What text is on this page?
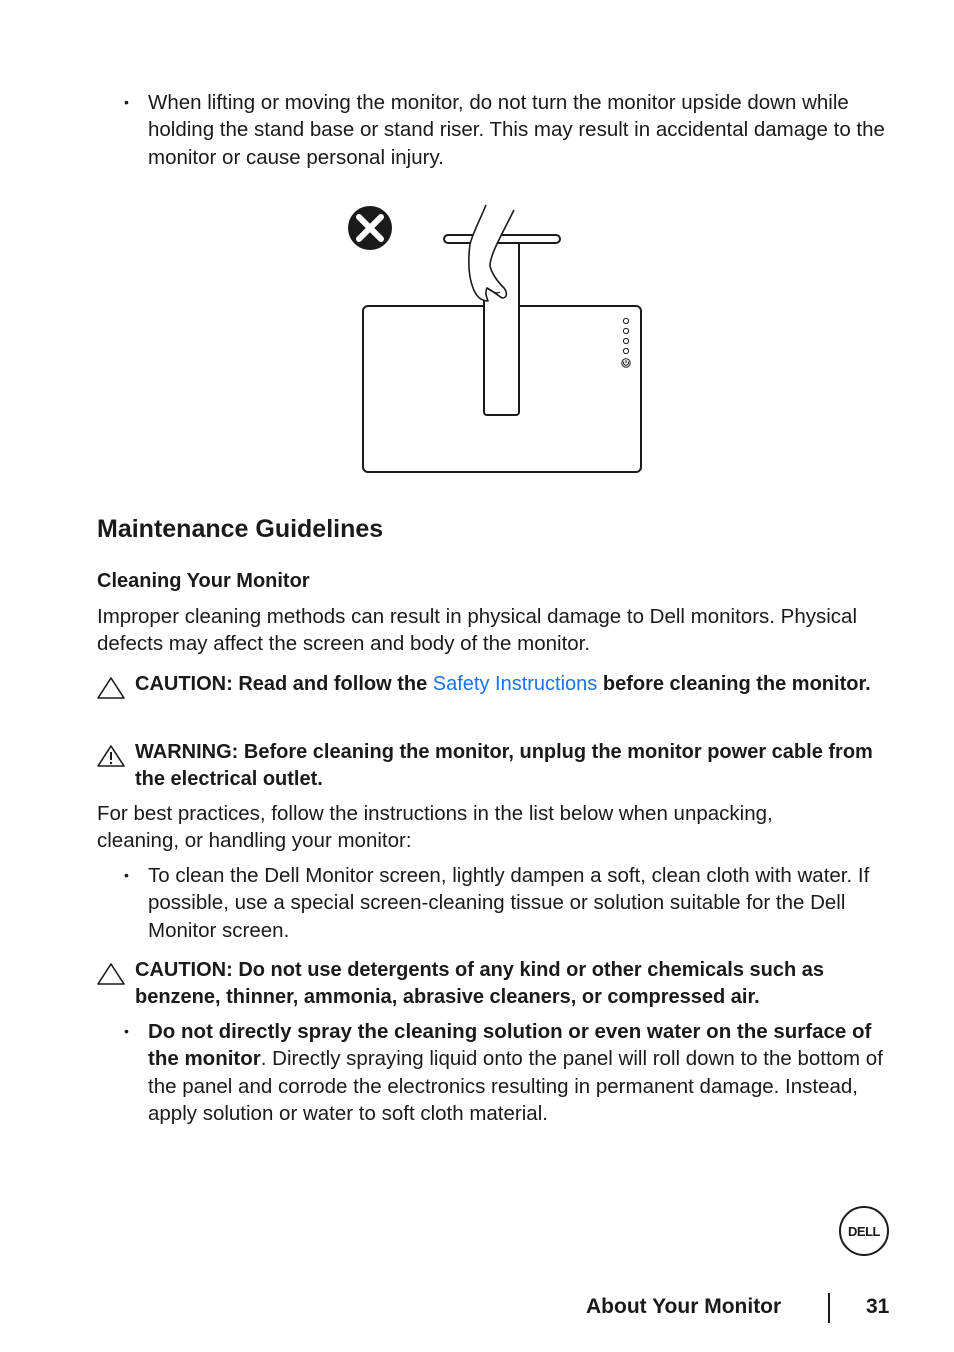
• When lifting or moving the monitor, do not turn the monitor upside down while holding the stand base or stand riser. This may result in accidental damage to the monitor or cause personal injury.
Maintenance Guidelines
Cleaning Your Monitor
Improper cleaning methods can result in physical damage to Dell monitors. Physical defects may affect the screen and body of the monitor.
CAUTION: Read and follow the Safety Instructions before cleaning the monitor.
WARNING: Before cleaning the monitor, unplug the monitor power cable from the electrical outlet.
For best practices, follow the instructions in the list below when unpacking, cleaning, or handling your monitor:
• To clean the Dell Monitor screen, lightly dampen a soft, clean cloth with water. If possible, use a special screen-cleaning tissue or solution suitable for the Dell Monitor screen.
CAUTION: Do not use detergents of any kind or other chemicals such as benzene, thinner, ammonia, abrasive cleaners, or compressed air.
• Do not directly spray the cleaning solution or even water on the surface of the monitor. Directly spraying liquid onto the panel will roll down to the bottom of the panel and corrode the electronics resulting in permanent damage. Instead, apply solution or water to soft cloth material.
DELL
About Your Monitor	31
